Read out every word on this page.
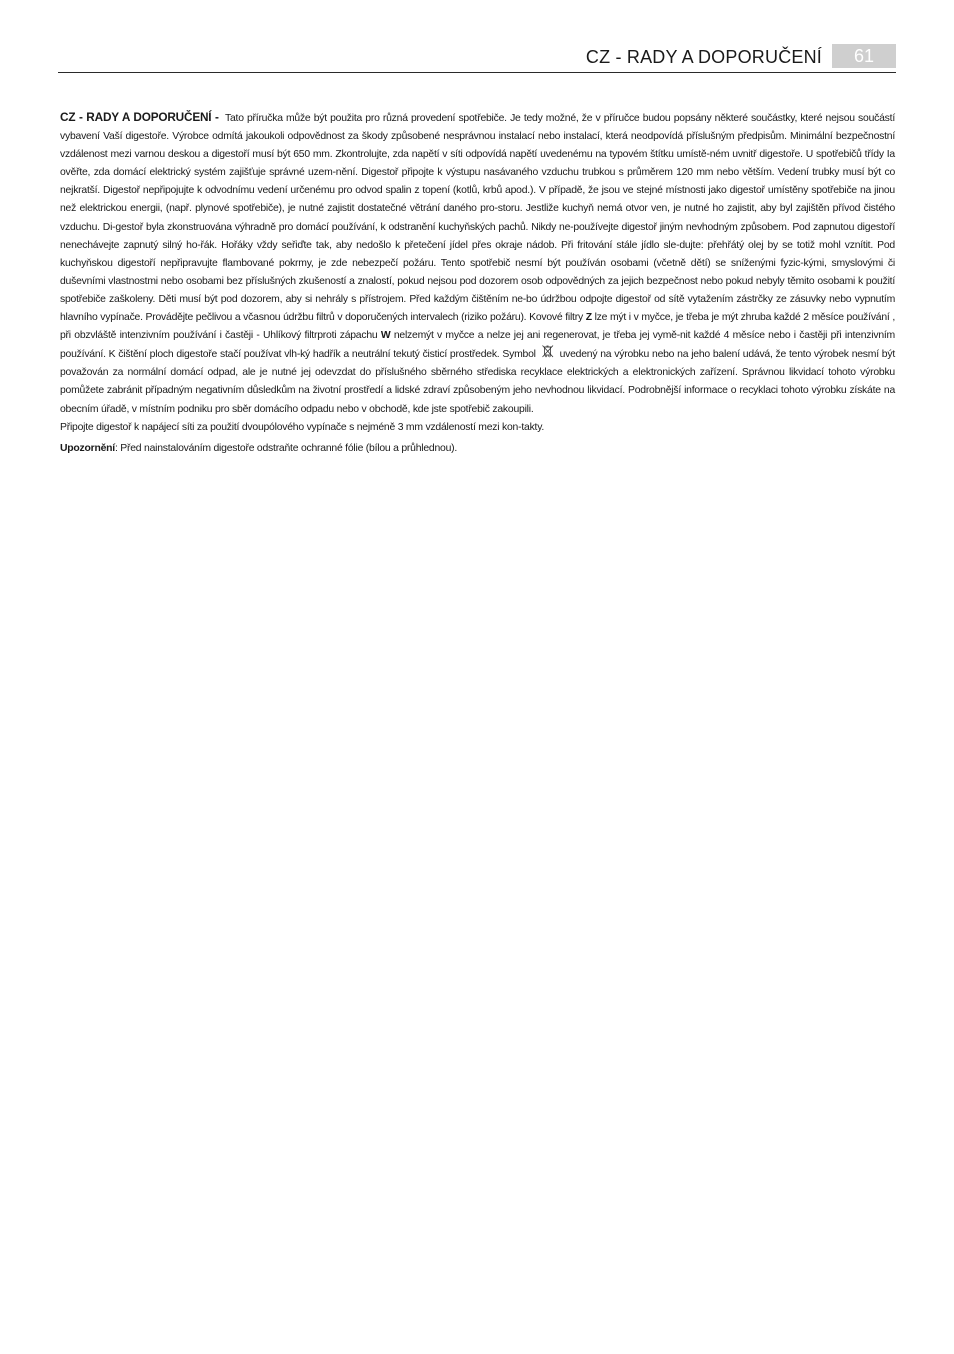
CZ - RADY A DOPORUČENÍ	61

CZ - RADY A DOPORUČENÍ - Tato příručka může být použita pro různá provedení spotřebiče. Je tedy možné, že v příručce budou popsány některé součástky, které nejsou součástí vybavení Vaší digestoře. Výrobce odmítá jakoukoli odpovědnost za škody způsobené nesprávnou instalací nebo instalací, která neodpovídá příslušným předpisům. Minimální bezpečnostní vzdálenost mezi varnou deskou a digestoří musí být 650 mm. Zkontrolujte, zda napětí v síti odpovídá napětí uvedenému na typovém štítku umístě-ném uvnitř digestoře. U spotřebičů třídy Ia ověřte, zda domácí elektrický systém zajišťuje správné uzem-nění. Digestoř připojte k výstupu nasávaného vzduchu trubkou s průměrem 120 mm nebo větším. Vedení trubky musí být co nejkratší. Digestoř nepřipojujte k odvodnímu vedení určenému pro odvod spalin z topení (kotlů, krbů apod.). V případě, že jsou ve stejné místnosti jako digestoř umístěny spotřebiče na jinou než elektrickou energii, (např. plynové spotřebiče), je nutné zajistit dostatečné větrání daného pro-storu. Jestliže kuchyň nemá otvor ven, je nutné ho zajistit, aby byl zajištěn přívod čistého vzduchu. Di-gestoř byla zkonstruována výhradně pro domácí používání, k odstranění kuchyňských pachů. Nikdy ne-používejte digestoř jiným nevhodným způsobem. Pod zapnutou digestoří nenechávejte zapnutý silný ho-řák. Hořáky vždy seřiďte tak, aby nedošlo k přetečení jídel přes okraje nádob. Při fritování stále jídlo sle-dujte: přehřátý olej by se totiž mohl vznítit. Pod kuchyňskou digestoří nepřipravujte flambované pokrmy, je zde nebezpečí požáru. Tento spotřebič nesmí být používán osobami (včetně dětí) se sníženými fyzic-kými, smyslovými či duševními vlastnostmi nebo osobami bez příslušných zkušeností a znalostí, pokud nejsou pod dozorem osob odpovědných za jejich bezpečnost nebo pokud nebyly těmito osobami k použití spotřebiče zaškoleny. Děti musí být pod dozorem, aby si nehrály s přístrojem. Před každým čištěním ne-bo údržbou odpojte digestoř od sítě vytažením zástrčky ze zásuvky nebo vypnutím hlavního vypínače. Provádějte pečlivou a včasnou údržbu filtrů v doporučených intervalech (riziko požáru). Kovové filtry Z lze mýt i v myčce, je třeba je mýt zhruba každé 2 měsíce používání , při obzvláště intenzivním používání i častěji - Uhlíkový filtrproti zápachu W nelzemýt v myčce a nelze jej ani regenerovat, je třeba jej vymě-nit každé 4 měsíce nebo i častěji při intenzivním používání. K čištění ploch digestoře stačí používat vlh-ký hadřík a neutrální tekutý čisticí prostředek. Symbol uvedený na výrobku nebo na jeho balení udává, že tento výrobek nesmí být považován za normální domácí odpad, ale je nutné jej odevzdat do příslušného sběrného střediska recyklace elektrických a elektronických zařízení. Správnou likvidací tohoto výrobku pomůžete zabránit případným negativním důsledkům na životní prostředí a lidské zdraví způsobeným jeho nevhodnou likvidací. Podrobnější informace o recyklaci tohoto výrobku získáte na obecním úřadě, v místním podniku pro sběr domácího odpadu nebo v obchodě, kde jste spotřebič zakoupili.

Připojte digestoř k napájecí síti za použití dvoupólového vypínače s nejméně 3 mm vzdáleností mezi kon-takty.

Upozornění: Před nainstalováním digestoře odstraňte ochranné fólie (bílou a průhlednou).
